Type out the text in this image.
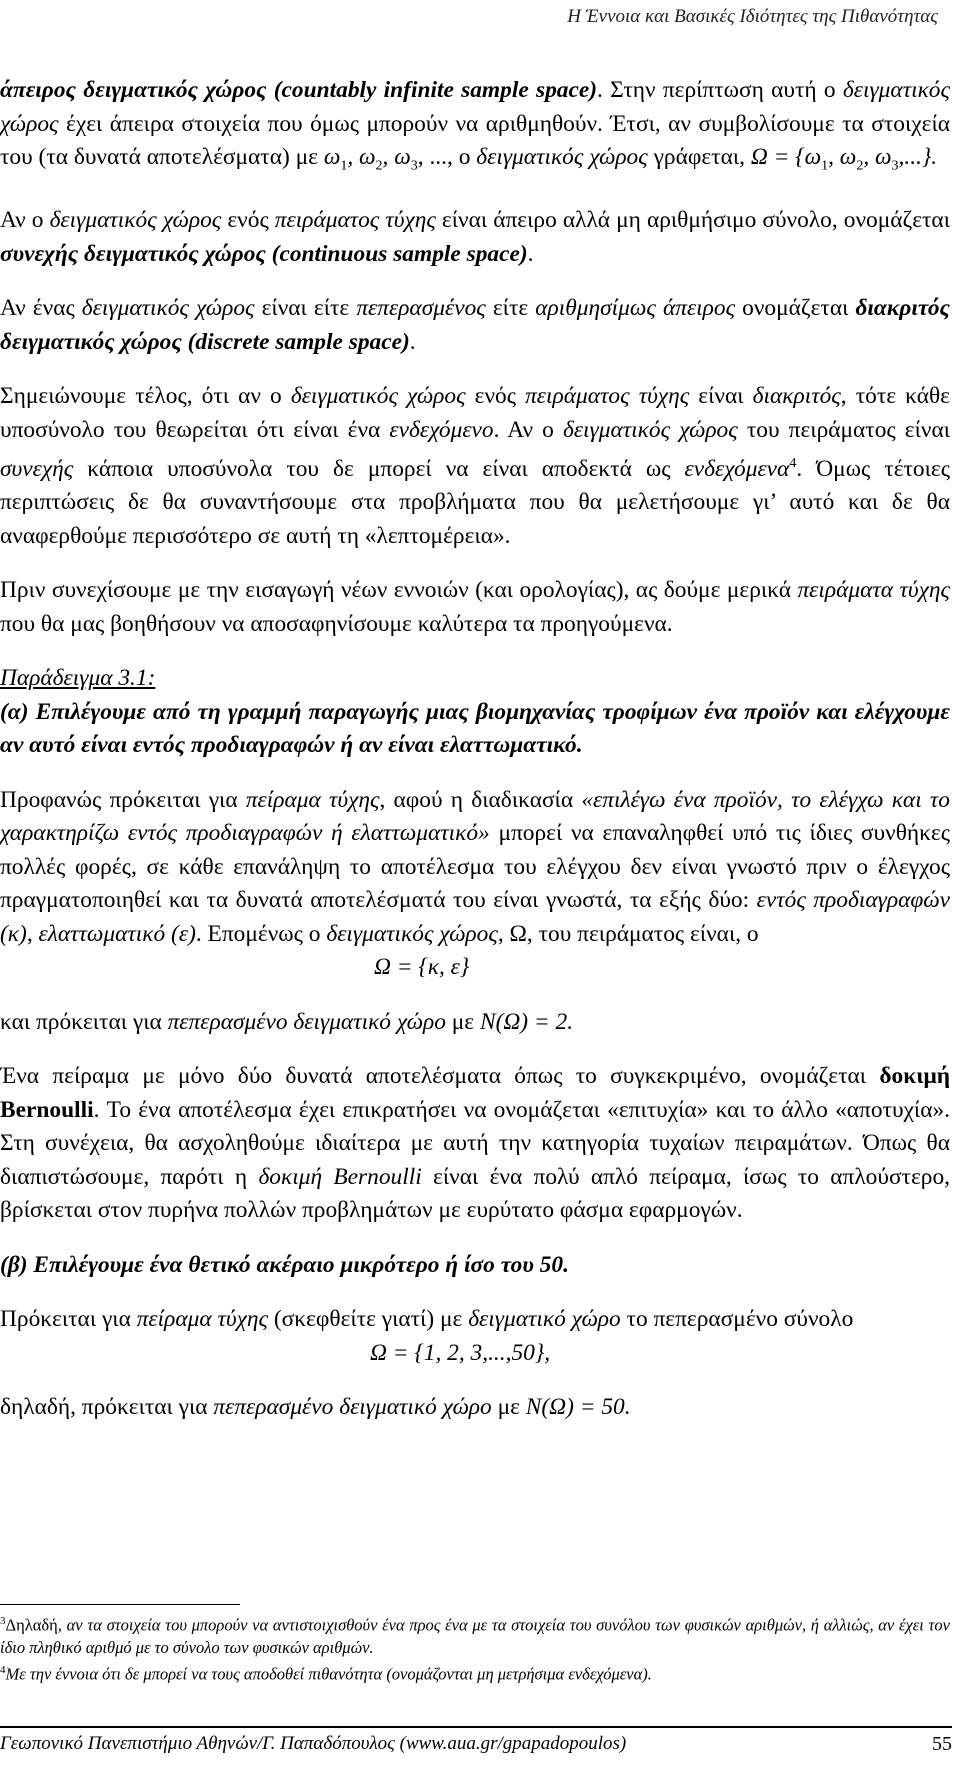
Η Έννοια και Βασικές Ιδιότητες της Πιθανότητας

άπειρος δειγματικός χώρος (countably infinite sample space). Στην περίπτωση αυτή ο δειγματικός χώρος έχει άπειρα στοιχεία που όμως μπορούν να αριθμηθούν. Έτσι, αν συμβολίσουμε τα στοιχεία του (τα δυνατά αποτελέσματα) με $\omega_1$, $\omega_2$, $\omega_3$, ..., ο δειγματικός χώρος γράφεται, $\Omega = \{\omega_1$, $\omega_2$, $\omega_3$,...}.

Αν ο δειγματικός χώρος ενός πειράματος τύχης είναι άπειρο αλλά μη αριθμήσιμο σύνολο, ονομάζεται συνεχής δειγματικός χώρος (continuous sample space).

Αν ένας δειγματικός χώρος είναι είτε πεπερασμένος είτε αριθμησίμως άπειρος ονομάζεται διακριτός δειγματικός χώρος (discrete sample space).

Σημειώνουμε τέλος, ότι αν ο δειγματικός χώρος ενός πειράματος τύχης είναι διακριτός, τότε κάθε υποσύνολο του θεωρείται ότι είναι ένα ενδεχόμενο. Αν ο δειγματικός χώρος του πειράματος είναι συνεχής κάποια υποσύνολα του δε μπορεί να είναι αποδεκτά ως ενδεχόμενα$^4$. Όμως τέτοιες περιπτώσεις δε θα συναντήσουμε στα προβλήματα που θα μελετήσουμε γι’ αυτό και δε θα αναφερθούμε περισσότερο σε αυτή τη «λεπτομέρεια».

Πριν συνεχίσουμε με την εισαγωγή νέων εννοιών (και ορολογίας), ας δούμε μερικά πειράματα τύχης που θα μας βοηθήσουν να αποσαφηνίσουμε καλύτερα τα προηγούμενα.

Παράδειγμα 3.1:

(α) Επιλέγουμε από τη γραμμή παραγωγής μιας βιομηχανίας τροφίμων ένα προϊόν και ελέγχουμε αν αυτό είναι εντός προδιαγραφών ή αν είναι ελαττωματικό.

Προφανώς πρόκειται για πείραμα τύχης, αφού η διαδικασία «επιλέγω ένα προϊόν, το ελέγχω και το χαρακτηρίζω εντός προδιαγραφών ή ελαττωματικό» μπορεί να επαναληφθεί υπό τις ίδιες συνθήκες πολλές φορές, σε κάθε επανάληψη το αποτέλεσμα του ελέγχου δεν είναι γνωστό πριν ο έλεγχος πραγματοποιηθεί και τα δυνατά αποτελέσματά του είναι γνωστά, τα εξής δύο: εντός προδιαγραφών (κ), ελαττωματικό (ε). Επομένως ο δειγματικός χώρος, Ω, του πειράματος είναι, ο

Ω = {κ, ε}

και πρόκειται για πεπερασμένο δειγματικό χώρο με N(Ω) = 2.

Ένα πείραμα με μόνο δύο δυνατά αποτελέσματα όπως το συγκεκριμένο, ονομάζεται δοκιμή Bernoulli. Το ένα αποτέλεσμα έχει επικρατήσει να ονομάζεται «επιτυχία» και το άλλο «αποτυχία». Στη συνέχεια, θα ασχοληθούμε ιδιαίτερα με αυτή την κατηγορία τυχαίων πειραμάτων. Όπως θα διαπιστώσουμε, παρότι η δοκιμή Bernoulli είναι ένα πολύ απλό πείραμα, ίσως το απλούστερο, βρίσκεται στον πυρήνα πολλών προβλημάτων με ευρύτατο φάσμα εφαρμογών.

(β) Επιλέγουμε ένα θετικό ακέραιο μικρότερο ή ίσο του 50.

Πρόκειται για πείραμα τύχης (σκεφθείτε γιατί) με δειγματικό χώρο το πεπερασμένο σύνολο

Ω = {1, 2, 3,...,50},

δηλαδή, πρόκειται για πεπερασμένο δειγματικό χώρο με N(Ω) = 50.

$^3$Δηλαδή, αν τα στοιχεία του μπορούν να αντιστοιχισθούν ένα προς ένα με τα στοιχεία του συνόλου των φυσικών αριθμών, ή αλλιώς, αν έχει τον ίδιο πληθικό αριθμό με το σύνολο των φυσικών αριθμών.

$^4$Με την έννοια ότι δε μπορεί να τους αποδοθεί πιθανότητα (ονομάζονται μη μετρήσιμα ενδεχόμενα).

Γεωπονικό Πανεπιστήμιο Αθηνών/Γ. Παπαδόπουλος (www.aua.gr/gpapadopoulos)	55
